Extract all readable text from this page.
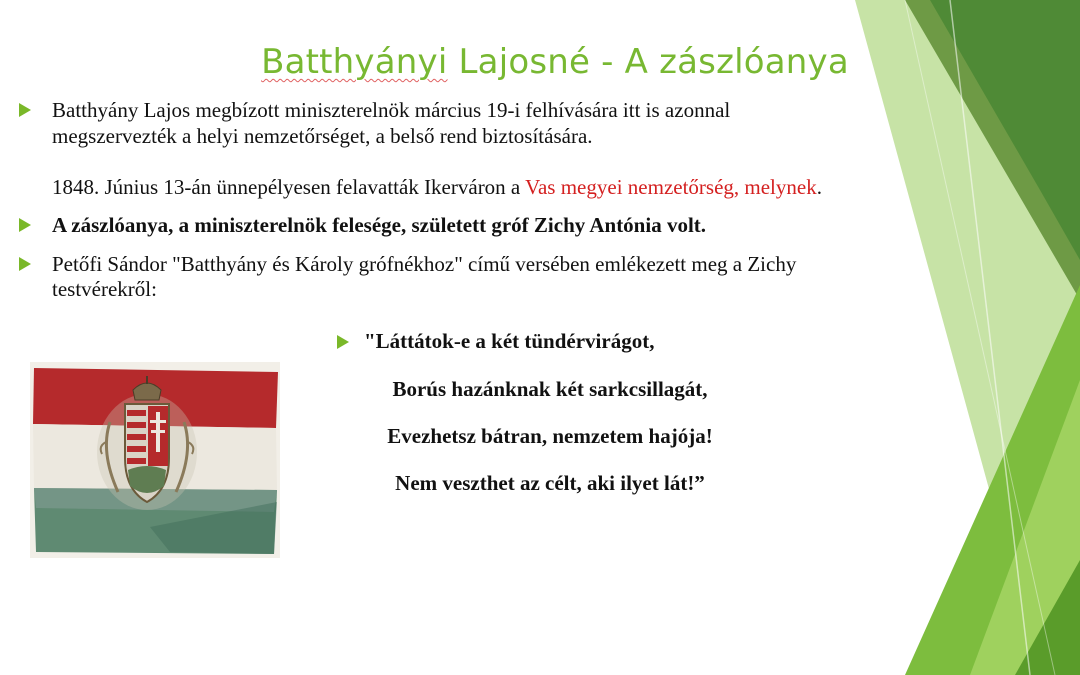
Batthyányi Lajosné - A zászlóanya
Batthyány Lajos megbízott miniszterelnök március 19-i felhívására itt is azonnal
megszervezték a helyi nemzetőrséget, a belső rend biztosítására.
1848. Június 13-án ünnepélyesen felavatták Ikerváron a Vas megyei nemzetőrség, melynek.
A zászlóanya, a miniszterelnök felesége, született gróf Zichy Antónia volt.
Petőfi Sándor "Batthyány és Károly grófnékhoz" című versében emlékezett meg a Zichy
testvérekről:
"Láttátok-e a két tündérvirágot,
Borús hazánknak két sarkcsillagát,
Evezhetsz bátran, nemzetem hajója!
Nem veszthet az célt, aki ilyet lát!”
